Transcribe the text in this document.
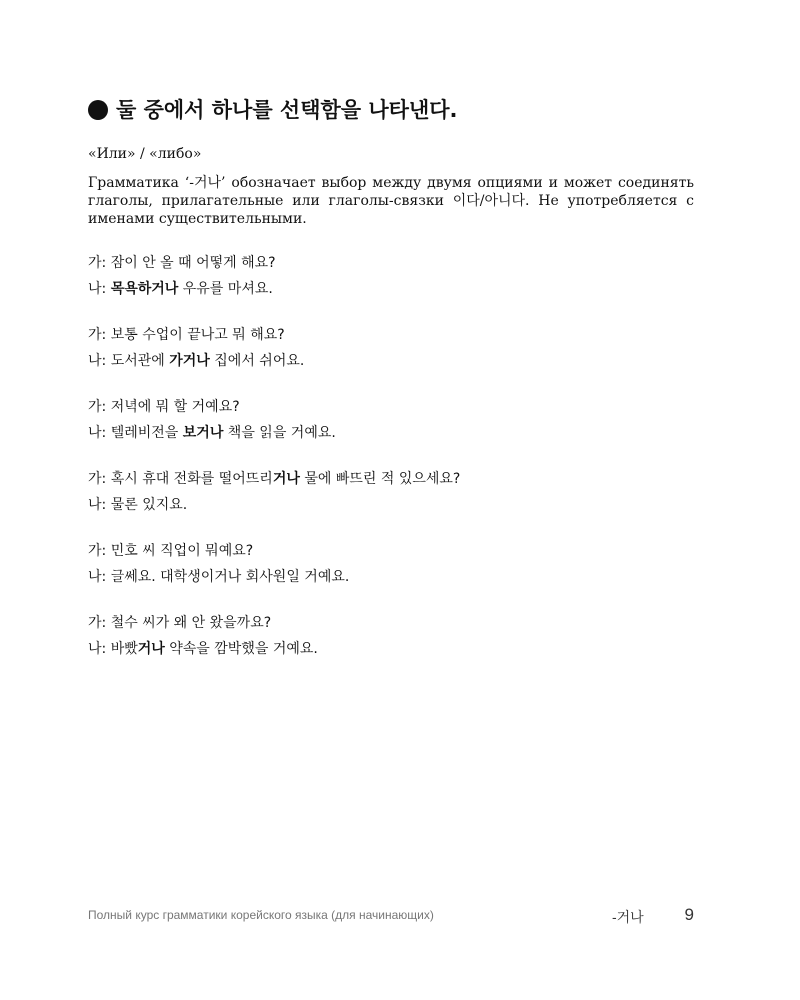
둘 중에서 하나를 선택함을 나타낸다.
«Или» / «либо»
Грамматика ‘-거나’ обозначает выбор между двумя опциями и может соединять глаголы, прилагательные или глаголы-связки 이다/아니다. Не употребляется с именами существительными.
가: 잠이 안 올 때 어떻게 해요?
나: 목욕하거나 우유를 마셔요.
가: 보통 수업이 끝나고 뭐 해요?
나: 도서관에 가거나 집에서 쉬어요.
가: 저녁에 뭐 할 거예요?
나: 텔레비전을 보거나 책을 읽을 거예요.
가: 혹시 휴대 전화를 떨어뜨리거나 물에 빠뜨린 적 있으세요?
나: 물론 있지요.
가: 민호 씨 직업이 뭐예요?
나: 글쎄요. 대학생이거나 회사원일 거예요.
가: 철수 씨가 왜 안 왔을까요?
나: 바빴거나 약속을 깜박했을 거예요.
Полный курс грамматики корейского языка (для начинающих)	-거나 9
